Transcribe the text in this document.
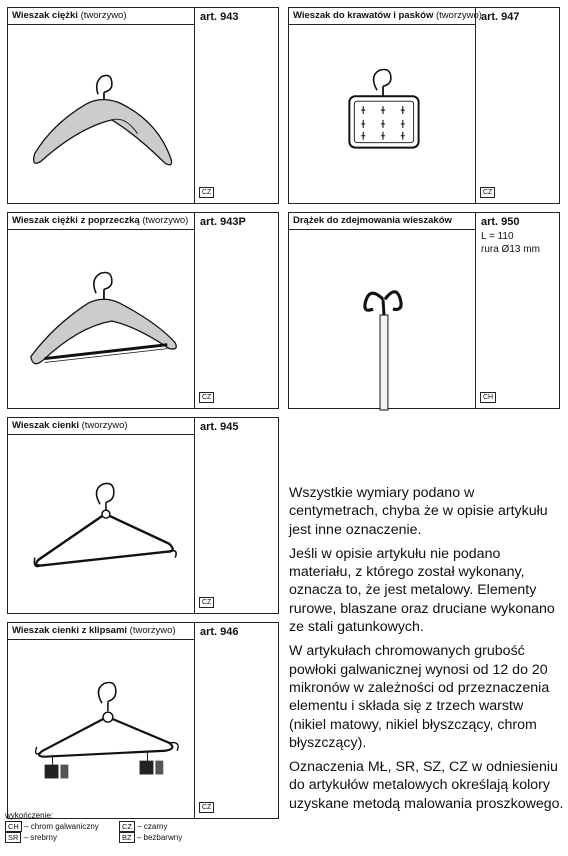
Wieszak ciężki (tworzywo)	art. 943
CZ
Wieszak do krawatów i pasków (tworzywo) art. 947
CZ
Wieszak ciężki z poprzeczką (tworzywo)	art. 943P
CZ
Drążek do zdejmowania wieszaków	art. 950
L = 110
rura Ø13 mm
CH
Wieszak cienki (tworzywo)	art. 945
CZ
Wieszak cienki z klipsami (tworzywo)	art. 946
CZ

Wszystkie wymiary podano w centymetrach, chyba że w opisie artykułu jest inne oznaczenie.

Jeśli w opisie artykułu nie podano materiału, z którego został wykonany, oznacza to, że jest metalowy. Elementy rurowe, blaszane oraz druciane wykonano ze stali gatunkowych.

W artykułach chromowanych grubość powłoki galwanicznej wynosi od 12 do 20 mikronów w zależności od przeznaczenia elementu i składa się z trzech warstw (nikiel matowy, nikiel błyszczący, chrom błyszczący).

Oznaczenia MŁ, SR, SZ, CZ w odniesieniu do artykułów metalowych określają kolory uzyskane metodą malowania proszkowego.

wykończenie:
CH – chrom galwaniczny	CZ – czarny
SR – srebrny	BZ – bezbarwny
